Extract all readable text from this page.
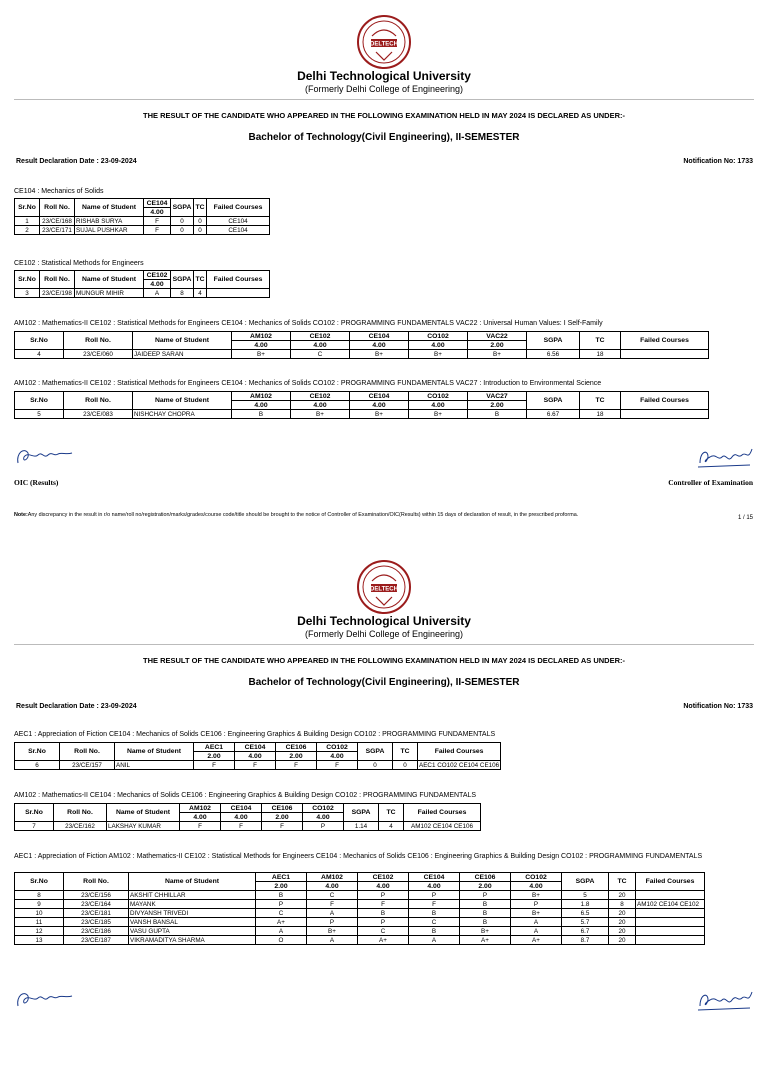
DELTECH
Delhi Technological University
(Formerly Delhi College of Engineering)
THE RESULT OF THE CANDIDATE WHO APPEARED IN THE FOLLOWING EXAMINATION HELD IN MAY 2024 IS DECLARED AS UNDER:-
Bachelor of Technology(Civil Engineering), II-SEMESTER
Result Declaration Date : 23-09-2024	Notification No: 1733
CE104 : Mechanics of Solids
Sr.No	Roll No.	Name of Student	CE104	SGPA	TC	Failed Courses
			4.00			
1	23/CE/168	RISHAB SURYA	F	0	0	CE104
2	23/CE/171	SUJAL PUSHKAR	F	0	0	CE104
CE102 : Statistical Methods for Engineers
Sr.No	Roll No.	Name of Student	CE102	SGPA	TC	Failed Courses
			4.00			
3	23/CE/198	MUNGUR MIHIR	A	8	4	
AM102 : Mathematics-II CE102 : Statistical Methods for Engineers CE104 : Mechanics of Solids CO102 : PROGRAMMING FUNDAMENTALS VAC22 : Universal Human Values: I Self-Family
Sr.No	Roll No.	Name of Student	AM102	CE102	CE104	CO102	VAC22	SGPA	TC	Failed Courses
			4.00	4.00	4.00	4.00	2.00			
4	23/CE/060	JAIDEEP SARAN	B+	C	B+	B+	B+	6.56	18	
AM102 : Mathematics-II CE102 : Statistical Methods for Engineers CE104 : Mechanics of Solids CO102 : PROGRAMMING FUNDAMENTALS VAC27 : Introduction to Environmental Science
Sr.No	Roll No.	Name of Student	AM102	CE102	CE104	CO102	VAC27	SGPA	TC	Failed Courses
			4.00	4.00	4.00	4.00	2.00			
5	23/CE/083	NISHCHAY CHOPRA	B	B+	B+	B+	B	6.67	18	
OIC (Results)	Controller of Examination
Note:Any discrepancy in the result in r/o name/roll no/registration/marks/grades/course code/title should be brought to the notice of Controller of Examination/OIC(Results) within 15 days of declaration of result, in the prescribed proforma.	1 / 15
DELTECH
Delhi Technological University
(Formerly Delhi College of Engineering)
THE RESULT OF THE CANDIDATE WHO APPEARED IN THE FOLLOWING EXAMINATION HELD IN MAY 2024 IS DECLARED AS UNDER:-
Bachelor of Technology(Civil Engineering), II-SEMESTER
Result Declaration Date : 23-09-2024	Notification No: 1733
AEC1 : Appreciation of Fiction CE104 : Mechanics of Solids CE106 : Engineering Graphics & Building Design CO102 : PROGRAMMING FUNDAMENTALS
Sr.No	Roll No.	Name of Student	AEC1	CE104	CE106	CO102	SGPA	TC	Failed Courses
			2.00	4.00	2.00	4.00			
6	23/CE/157	ANIL	F	F	F	F	0	0	AEC1 CO102 CE104 CE106
AM102 : Mathematics-II CE104 : Mechanics of Solids CE106 : Engineering Graphics & Building Design CO102 : PROGRAMMING FUNDAMENTALS
Sr.No	Roll No.	Name of Student	AM102	CE104	CE106	CO102	SGPA	TC	Failed Courses
			4.00	4.00	2.00	4.00			
7	23/CE/162	LAKSHAY KUMAR	F	F	F	P	1.14	4	AM102 CE104 CE106
AEC1 : Appreciation of Fiction AM102 : Mathematics-II CE102 : Statistical Methods for Engineers CE104 : Mechanics of Solids CE106 : Engineering Graphics & Building Design CO102 : PROGRAMMING FUNDAMENTALS
Sr.No	Roll No.	Name of Student	AEC1	AM102	CE102	CE104	CE106	CO102	SGPA	TC	Failed Courses
			2.00	4.00	4.00	4.00	2.00	4.00			
8	23/CE/156	AKSHIT CHHILLAR	B	C	P	P	P	B+	5	20	
9	23/CE/164	MAYANK	P	F	F	F	B	P	1.8	8	AM102 CE104 CE102
10	23/CE/181	DIVYANSH TRIVEDI	C	A	B	B	B	B+	6.5	20	
11	23/CE/185	VANSH BANSAL	A+	P	P	C	B	A	5.7	20	
12	23/CE/186	VASU GUPTA	A	B+	C	B	B+	A	6.7	20	
13	23/CE/187	VIKRAMADITYA SHARMA	O	A	A+	A	A+	A+	8.7	20	
